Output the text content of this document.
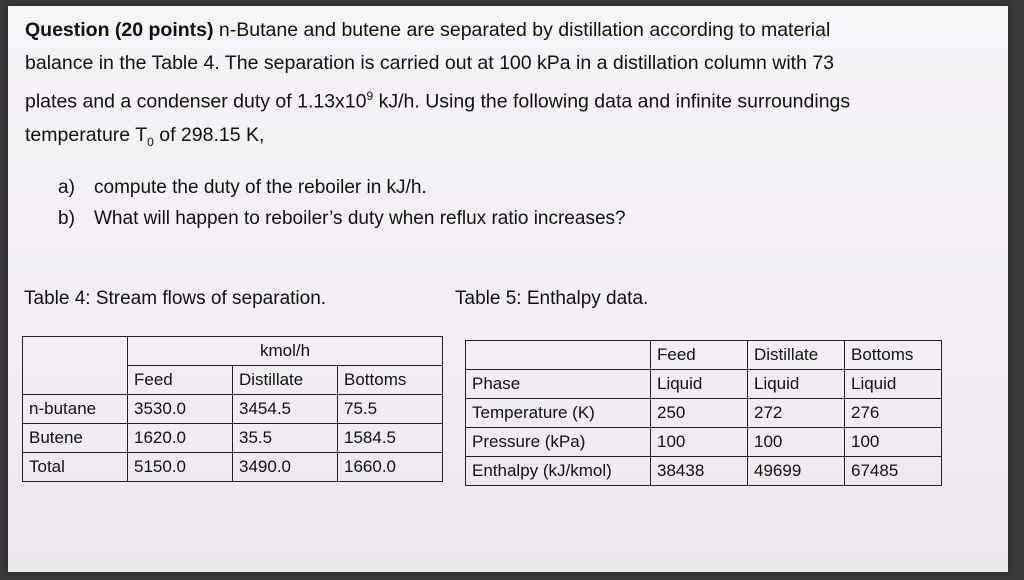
Question (20 points) n-Butane and butene are separated by distillation according to material
balance in the Table 4. The separation is carried out at 100 kPa in a distillation column with 73
plates and a condenser duty of $1.13x10^9$ kJ/h. Using the following data and infinite surroundings
temperature $T_0$ of 298.15 K,
a)	compute the duty of the reboiler in kJ/h.
b)	What will happen to reboiler’s duty when reflux ratio increases?
Table 4: Stream flows of separation.	Table 5: Enthalpy data.
	kmol/h		
	Feed	Distillate	Bottoms
n-butane	3530.0	3454.5	75.5
Butene	1620.0	35.5	1584.5
Total	5150.0	3490.0	1660.0
	Feed	Distillate	Bottoms
Phase	Liquid	Liquid	Liquid
Temperature (K)	250	272	276
Pressure (kPa)	100	100	100
Enthalpy (kJ/kmol)	38438	49699	67485
